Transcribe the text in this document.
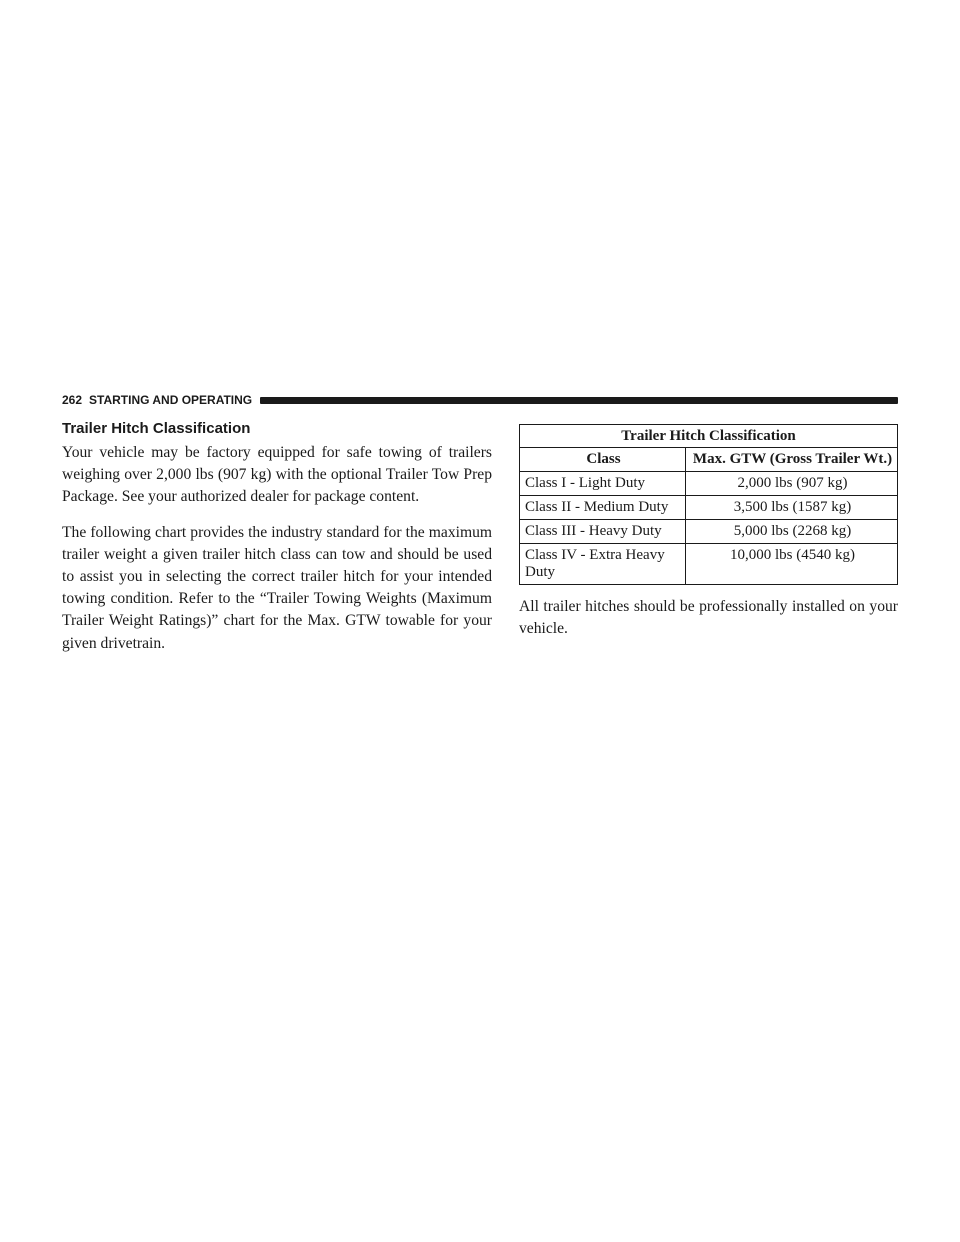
262 STARTING AND OPERATING
Trailer Hitch Classification

Your vehicle may be factory equipped for safe towing of trailers weighing over 2,000 lbs (907 kg) with the optional Trailer Tow Prep Package. See your authorized dealer for package content.

The following chart provides the industry standard for the maximum trailer weight a given trailer hitch class can tow and should be used to assist you in selecting the correct trailer hitch for your intended towing condition. Refer to the “Trailer Towing Weights (Maximum Trailer Weight Ratings)” chart for the Max. GTW towable for your given drivetrain.

Trailer Hitch Classification
Class	Max. GTW (Gross Trailer Wt.)
Class I - Light Duty	2,000 lbs (907 kg)
Class II - Medium Duty	3,500 lbs (1587 kg)
Class III - Heavy Duty	5,000 lbs (2268 kg)
Class IV - Extra Heavy Duty	10,000 lbs (4540 kg)

All trailer hitches should be professionally installed on your vehicle.
